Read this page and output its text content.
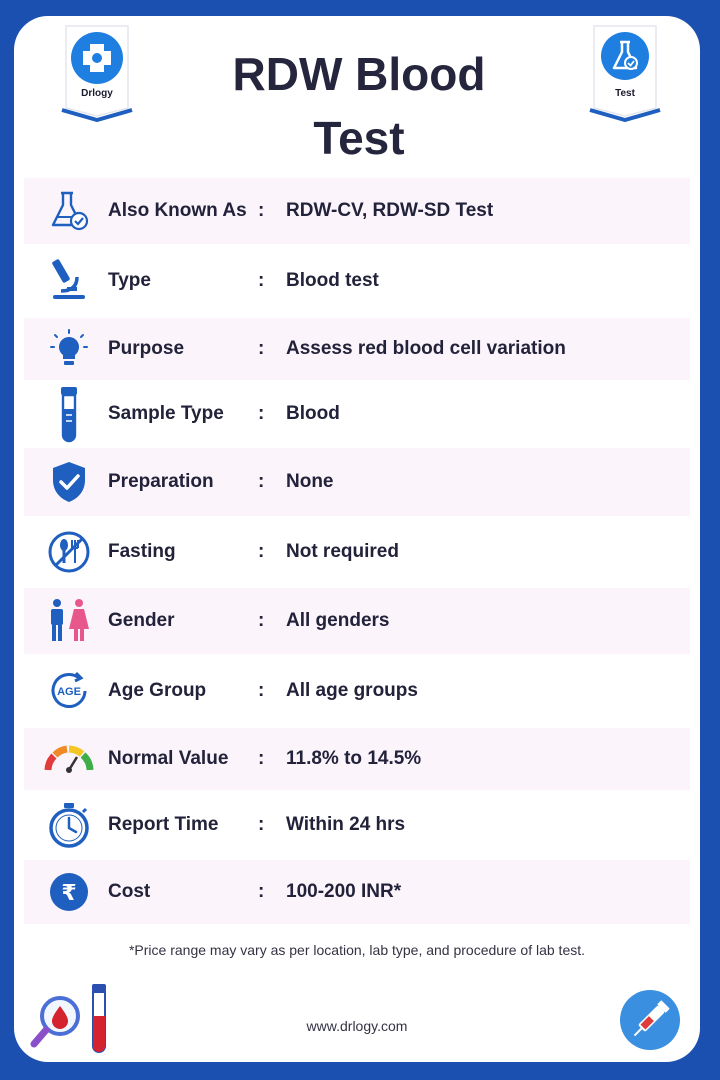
Drlogy	Test
RDW Blood
Test
Also Known As :	RDW-CV, RDW-SD Test
Type	:	Blood test
Purpose	:	Assess red blood cell variation
Sample Type	:	Blood
Preparation	:	None
Fasting	:	Not required
Gender	:	All genders
AGE Age Group	:	All age groups
Normal Value	:	11.8% to 14.5%
Report Time	:	Within 24 hrs
₹ Cost	:	100-200 INR*
*Price range may vary as per location, lab type, and procedure of lab test.
www.drlogy.com
